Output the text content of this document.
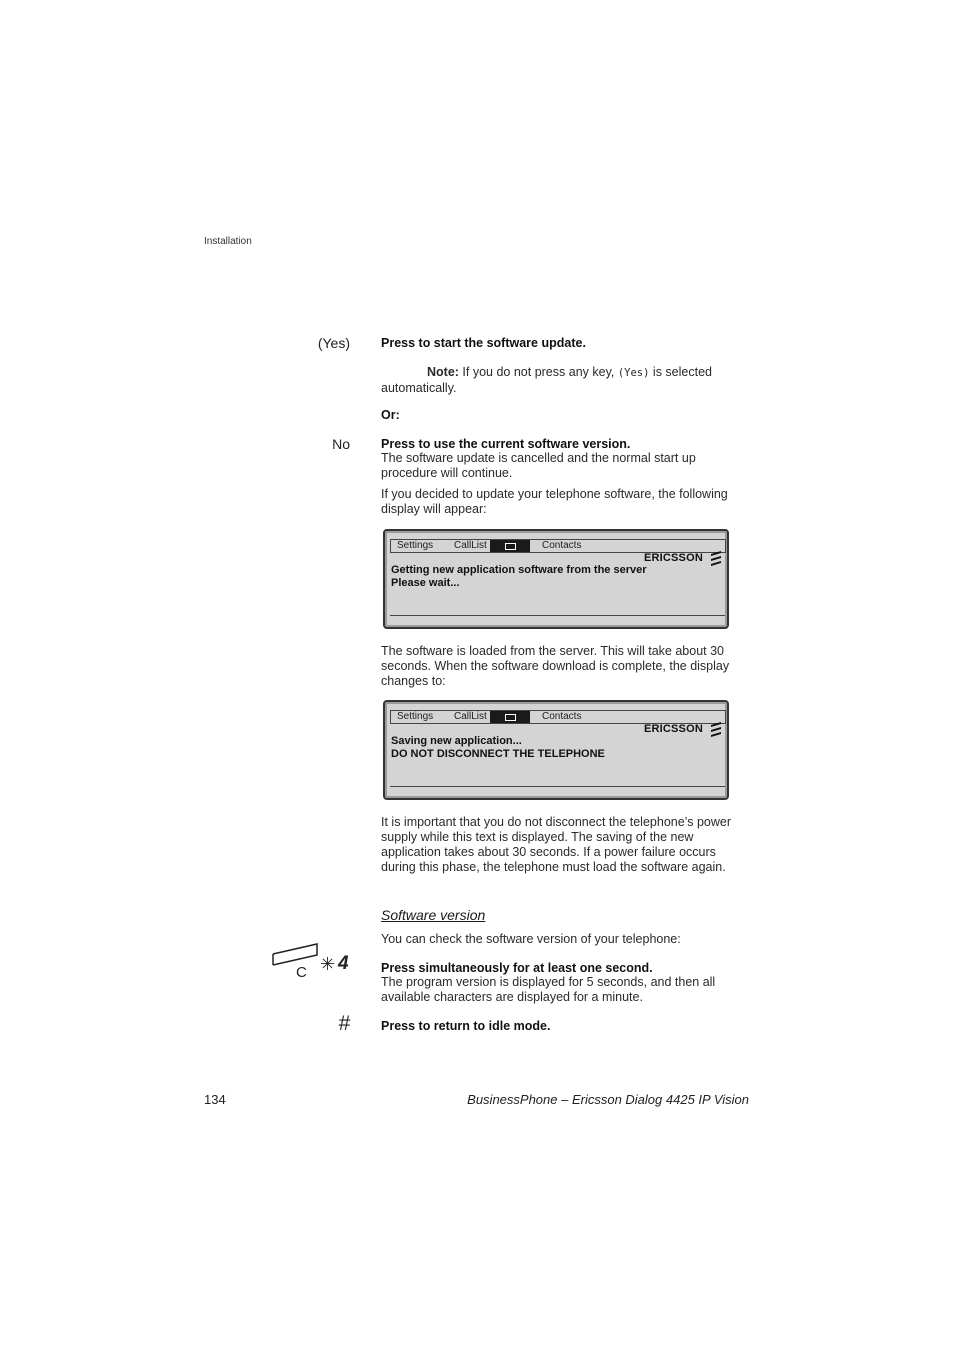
Installation
(Yes) Press to start the software update.
Note: If you do not press any key, (Yes) is selected automatically.
Or:
No Press to use the current software version.
The software update is cancelled and the normal start up procedure will continue.
If you decided to update your telephone software, the following display will appear:
Settings	CallList	Contacts
ERICSSON
Getting new application software from the server
Please wait...
The software is loaded from the server. This will take about 30 seconds. When the software download is complete, the display changes to:
Settings	CallList	Contacts
ERICSSON
Saving new application...
DO NOT DISCONNECT THE TELEPHONE
It is important that you do not disconnect the telephone’s power supply while this text is displayed. The saving of the new application takes about 30 seconds. If a power failure occurs during this phase, the telephone must load the software again.
Software version
You can check the software version of your telephone:
C ✳ 4	Press simultaneously for at least one second.
The program version is displayed for 5 seconds, and then all available characters are displayed for a minute.
# Press to return to idle mode.
134	BusinessPhone – Ericsson Dialog 4425 IP Vision
